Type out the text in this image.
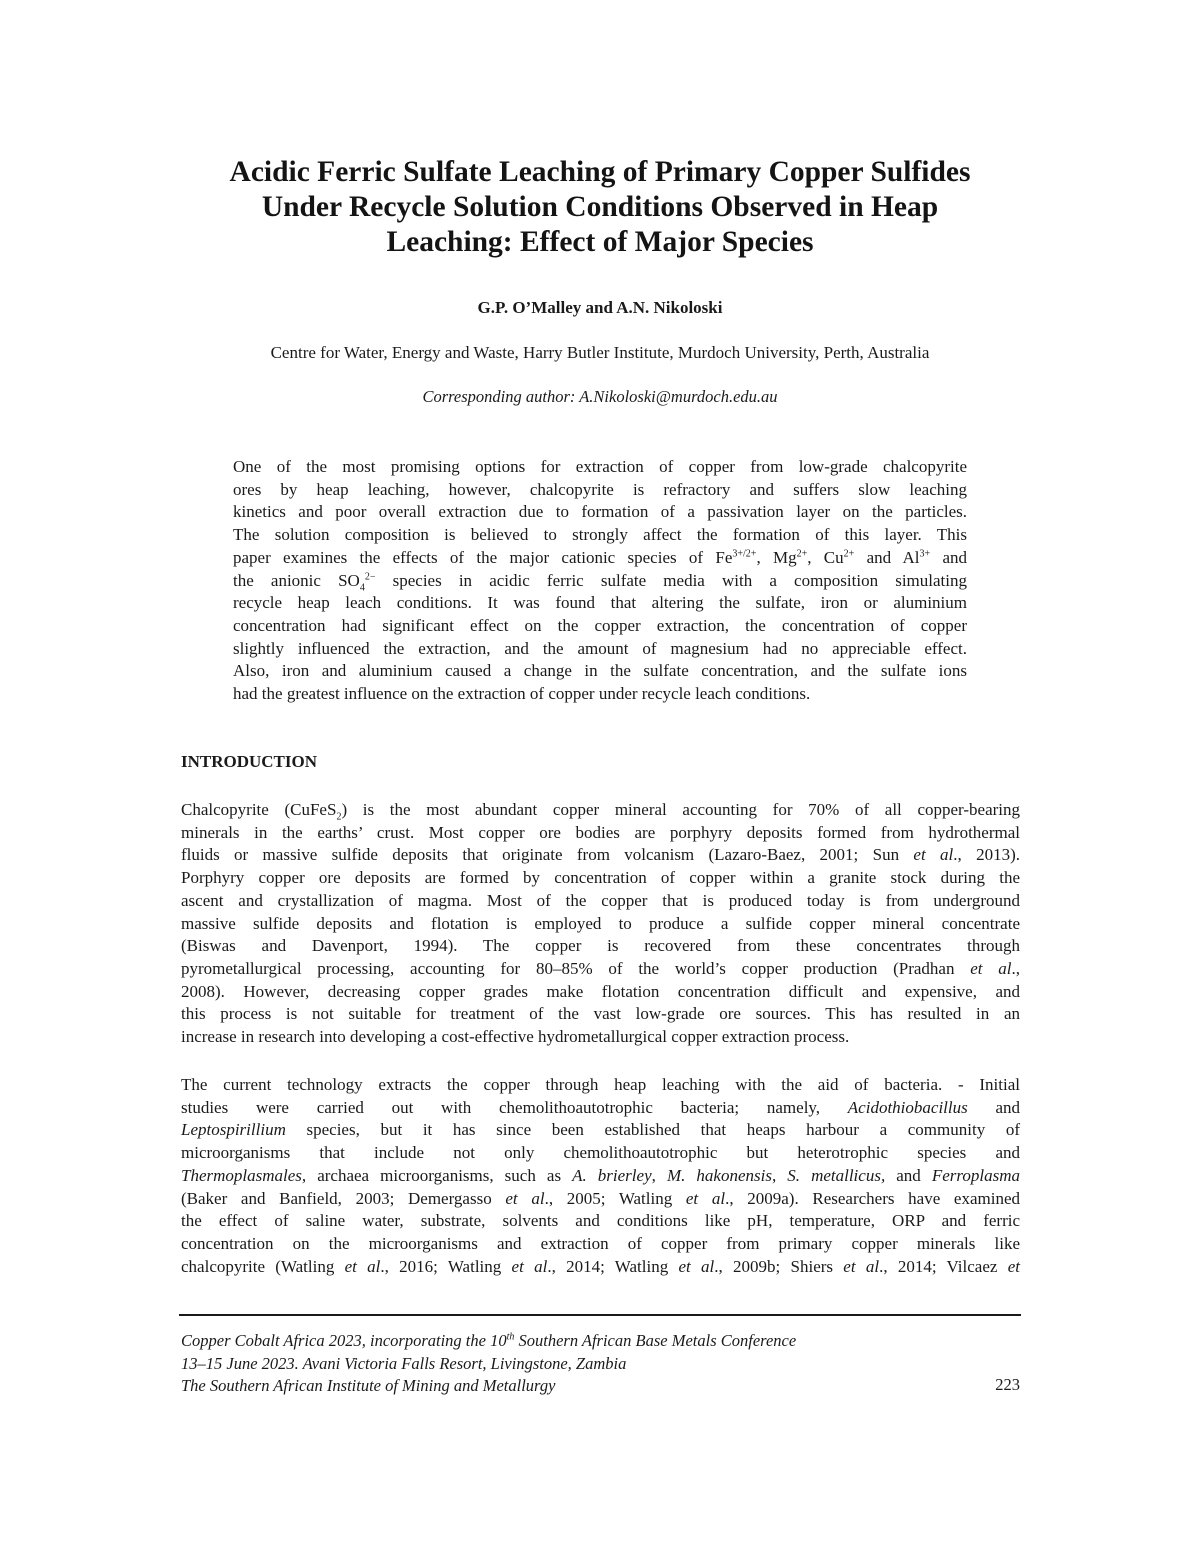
Acidic Ferric Sulfate Leaching of Primary Copper Sulfides
Under Recycle Solution Conditions Observed in Heap
Leaching: Effect of Major Species
G.P. O’Malley and A.N. Nikoloski
Centre for Water, Energy and Waste, Harry Butler Institute, Murdoch University, Perth, Australia
Corresponding author: A.Nikoloski@murdoch.edu.au
One of the most promising options for extraction of copper from low-grade chalcopyrite
ores by heap leaching, however, chalcopyrite is refractory and suffers slow leaching
kinetics and poor overall extraction due to formation of a passivation layer on the particles.
The solution composition is believed to strongly affect the formation of this layer. This
paper examines the effects of the major cationic species of $Fe^{3+/2+}$, $Mg^{2+}$, $Cu^{2+}$ and $Al^{3+}$ and
the anionic $SO_4^{2-}$ species in acidic ferric sulfate media with a composition simulating
recycle heap leach conditions. It was found that altering the sulfate, iron or aluminium
concentration had significant effect on the copper extraction, the concentration of copper
slightly influenced the extraction, and the amount of magnesium had no appreciable effect.
Also, iron and aluminium caused a change in the sulfate concentration, and the sulfate ions
had the greatest influence on the extraction of copper under recycle leach conditions.
INTRODUCTION
Chalcopyrite (CuFeS$_2$) is the most abundant copper mineral accounting for 70% of all copper-bearing
minerals in the earths’ crust. Most copper ore bodies are porphyry deposits formed from hydrothermal
fluids or massive sulfide deposits that originate from volcanism (Lazaro-Baez, 2001; Sun et al., 2013).
Porphyry copper ore deposits are formed by concentration of copper within a granite stock during the
ascent and crystallization of magma. Most of the copper that is produced today is from underground
massive sulfide deposits and flotation is employed to produce a sulfide copper mineral concentrate
(Biswas and Davenport, 1994). The copper is recovered from these concentrates through
pyrometallurgical processing, accounting for 80–85% of the world’s copper production (Pradhan et al.,
2008). However, decreasing copper grades make flotation concentration difficult and expensive, and
this process is not suitable for treatment of the vast low-grade ore sources. This has resulted in an
increase in research into developing a cost-effective hydrometallurgical copper extraction process.
The current technology extracts the copper through heap leaching with the aid of bacteria. - Initial
studies were carried out with chemolithoautotrophic bacteria; namely, Acidothiobacillus and
Leptospirillium species, but it has since been established that heaps harbour a community of
microorganisms that include not only chemolithoautotrophic but heterotrophic species and
Thermoplasmales, archaea microorganisms, such as A. brierley, M. hakonensis, S. metallicus, and Ferroplasma
(Baker and Banfield, 2003; Demergasso et al., 2005; Watling et al., 2009a). Researchers have examined
the effect of saline water, substrate, solvents and conditions like pH, temperature, ORP and ferric
concentration on the microorganisms and extraction of copper from primary copper minerals like
chalcopyrite (Watling et al., 2016; Watling et al., 2014; Watling et al., 2009b; Shiers et al., 2014; Vilcaez et
Copper Cobalt Africa 2023, incorporating the 10th Southern African Base Metals Conference
13–15 June 2023. Avani Victoria Falls Resort, Livingstone, Zambia
The Southern African Institute of Mining and Metallurgy	223
